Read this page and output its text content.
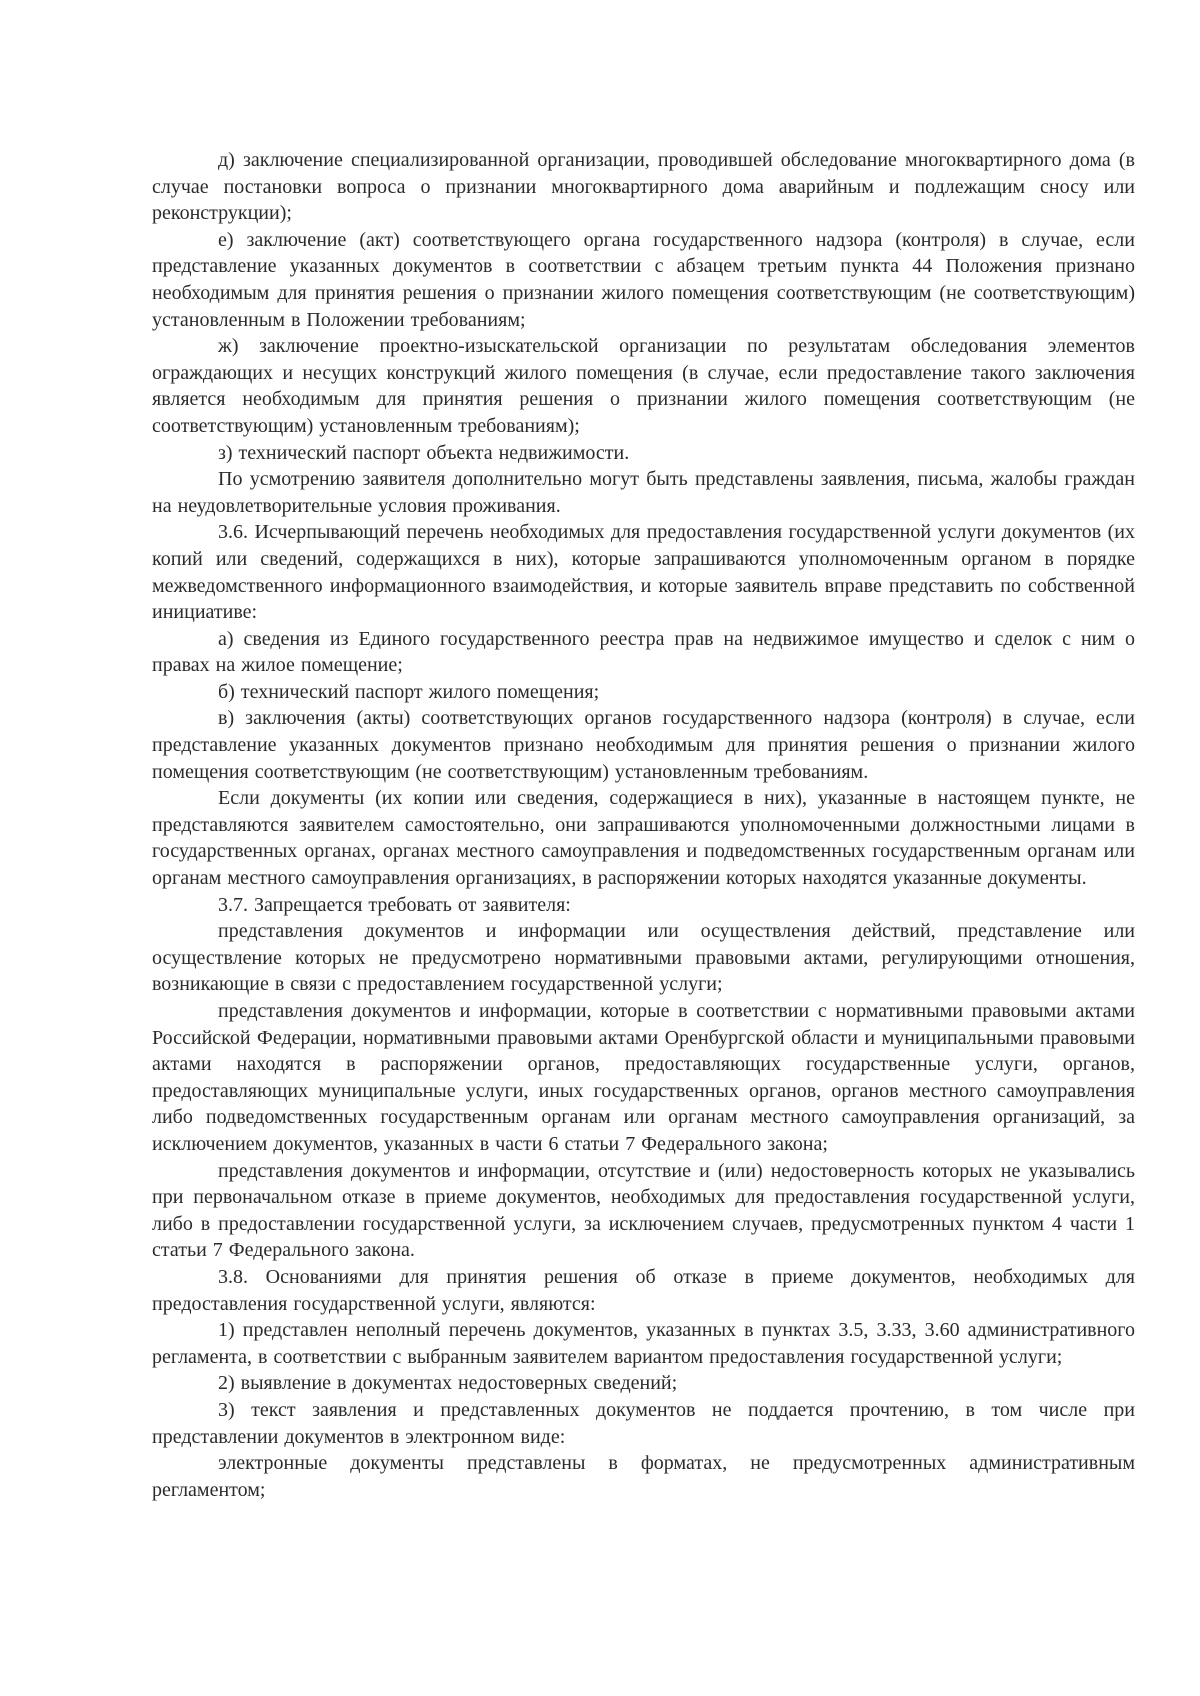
д) заключение специализированной организации, проводившей обследование многоквартирного дома (в случае постановки вопроса о признании многоквартирного дома аварийным и подлежащим сносу или реконструкции);

е) заключение (акт) соответствующего органа государственного надзора (контроля) в случае, если представление указанных документов в соответствии с абзацем третьим пункта 44 Положения признано необходимым для принятия решения о признании жилого помещения соответствующим (не соответствующим) установленным в Положении требованиям;

ж) заключение проектно-изыскательской организации по результатам обследования элементов ограждающих и несущих конструкций жилого помещения (в случае, если предоставление такого заключения является необходимым для принятия решения о признании жилого помещения соответствующим (не соответствующим) установленным требованиям);

з) технический паспорт объекта недвижимости.

По усмотрению заявителя дополнительно могут быть представлены заявления, письма, жалобы граждан на неудовлетворительные условия проживания.

3.6. Исчерпывающий перечень необходимых для предоставления государственной услуги документов (их копий или сведений, содержащихся в них), которые запрашиваются уполномоченным органом в порядке межведомственного информационного взаимодействия, и которые заявитель вправе представить по собственной инициативе:

а) сведения из Единого государственного реестра прав на недвижимое имущество и сделок с ним о правах на жилое помещение;

б) технический паспорт жилого помещения;

в) заключения (акты) соответствующих органов государственного надзора (контроля) в случае, если представление указанных документов признано необходимым для принятия решения о признании жилого помещения соответствующим (не соответствующим) установленным требованиям.

Если документы (их копии или сведения, содержащиеся в них), указанные в настоящем пункте, не представляются заявителем самостоятельно, они запрашиваются уполномоченными должностными лицами в государственных органах, органах местного самоуправления и подведомственных государственным органам или органам местного самоуправления организациях, в распоряжении которых находятся указанные документы.

3.7. Запрещается требовать от заявителя:

представления документов и информации или осуществления действий, представление или осуществление которых не предусмотрено нормативными правовыми актами, регулирующими отношения, возникающие в связи с предоставлением государственной услуги;

представления документов и информации, которые в соответствии с нормативными правовыми актами Российской Федерации, нормативными правовыми актами Оренбургской области и муниципальными правовыми актами находятся в распоряжении органов, предоставляющих государственные услуги, органов, предоставляющих муниципальные услуги, иных государственных органов, органов местного самоуправления либо подведомственных государственным органам или органам местного самоуправления организаций, за исключением документов, указанных в части 6 статьи 7 Федерального закона;

представления документов и информации, отсутствие и (или) недостоверность которых не указывались при первоначальном отказе в приеме документов, необходимых для предоставления государственной услуги, либо в предоставлении государственной услуги, за исключением случаев, предусмотренных пунктом 4 части 1 статьи 7 Федерального закона.

3.8. Основаниями для принятия решения об отказе в приеме документов, необходимых для предоставления государственной услуги, являются:

1) представлен неполный перечень документов, указанных в пунктах 3.5, 3.33, 3.60 административного регламента, в соответствии с выбранным заявителем вариантом предоставления государственной услуги;

2) выявление в документах недостоверных сведений;

3) текст заявления и представленных документов не поддается прочтению, в том числе при представлении документов в электронном виде:

электронные документы представлены в форматах, не предусмотренных административным регламентом;
